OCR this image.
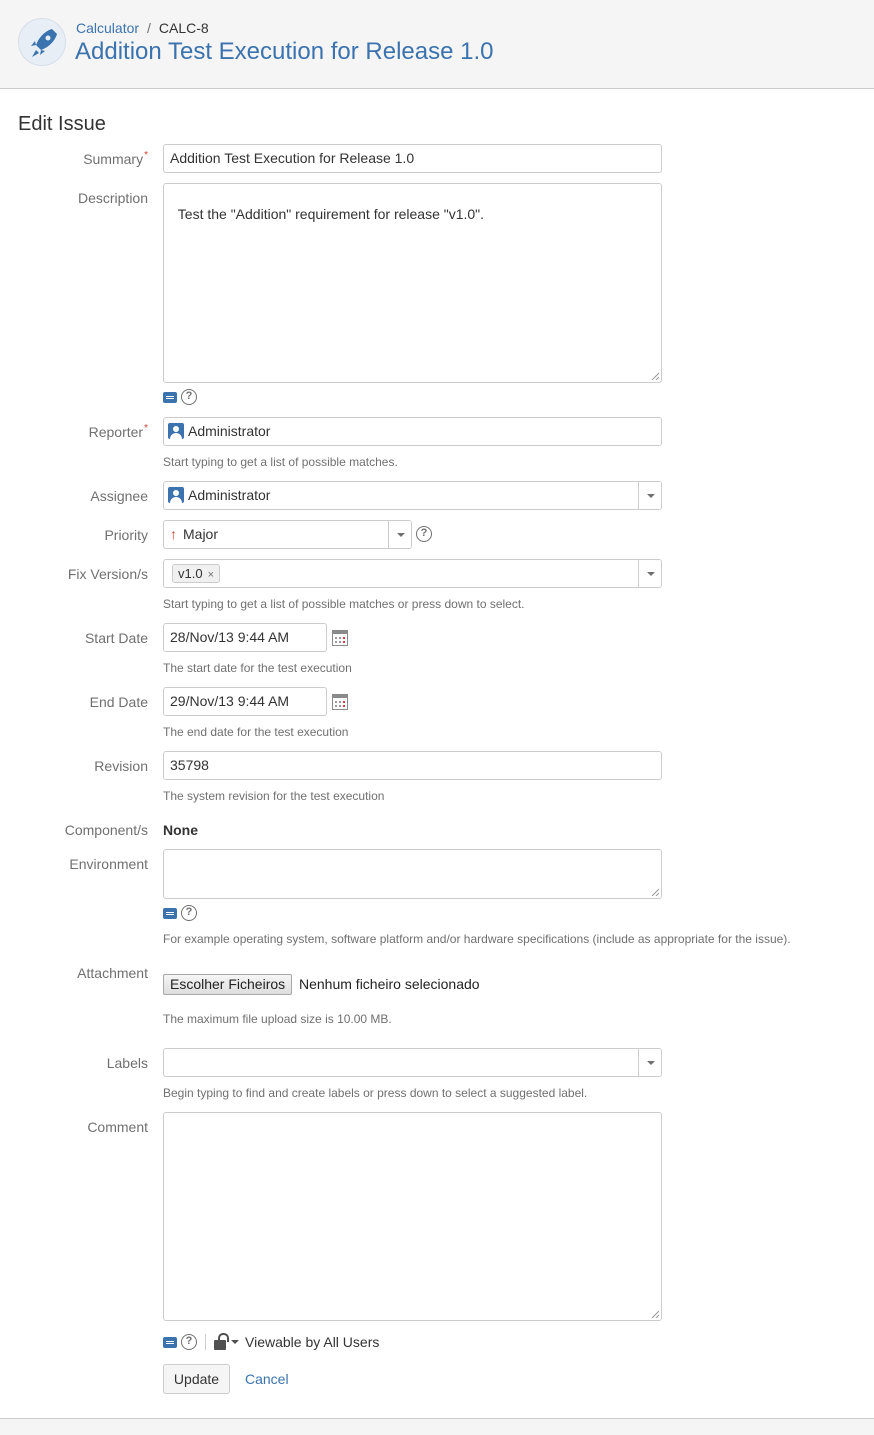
Calculator / CALC-8
Addition Test Execution for Release 1.0
Edit Issue
Summary*	Addition Test Execution for Release 1.0
Description

Test the "Addition" requirement for release "v1.0".

?
Reporter*	Administrator
Start typing to get a list of possible matches.
Assignee	Administrator
Priority	↑ Major	?
Fix Version/s	v1.0 ×
Start typing to get a list of possible matches or press down to select.
Start Date	28/Nov/13 9:44 AM
The start date for the test execution
End Date	29/Nov/13 9:44 AM
The end date for the test execution
Revision	35798
The system revision for the test execution
Component/s None
Environment

?
For example operating system, software platform and/or hardware specifications (include as appropriate for the issue).
Attachment
Escolher Ficheiros Nenhum ficheiro selecionado
The maximum file upload size is 10.00 MB.
Labels
Begin typing to find and create labels or press down to select a suggested label.
Comment

?	Viewable by All Users
Update	Cancel
